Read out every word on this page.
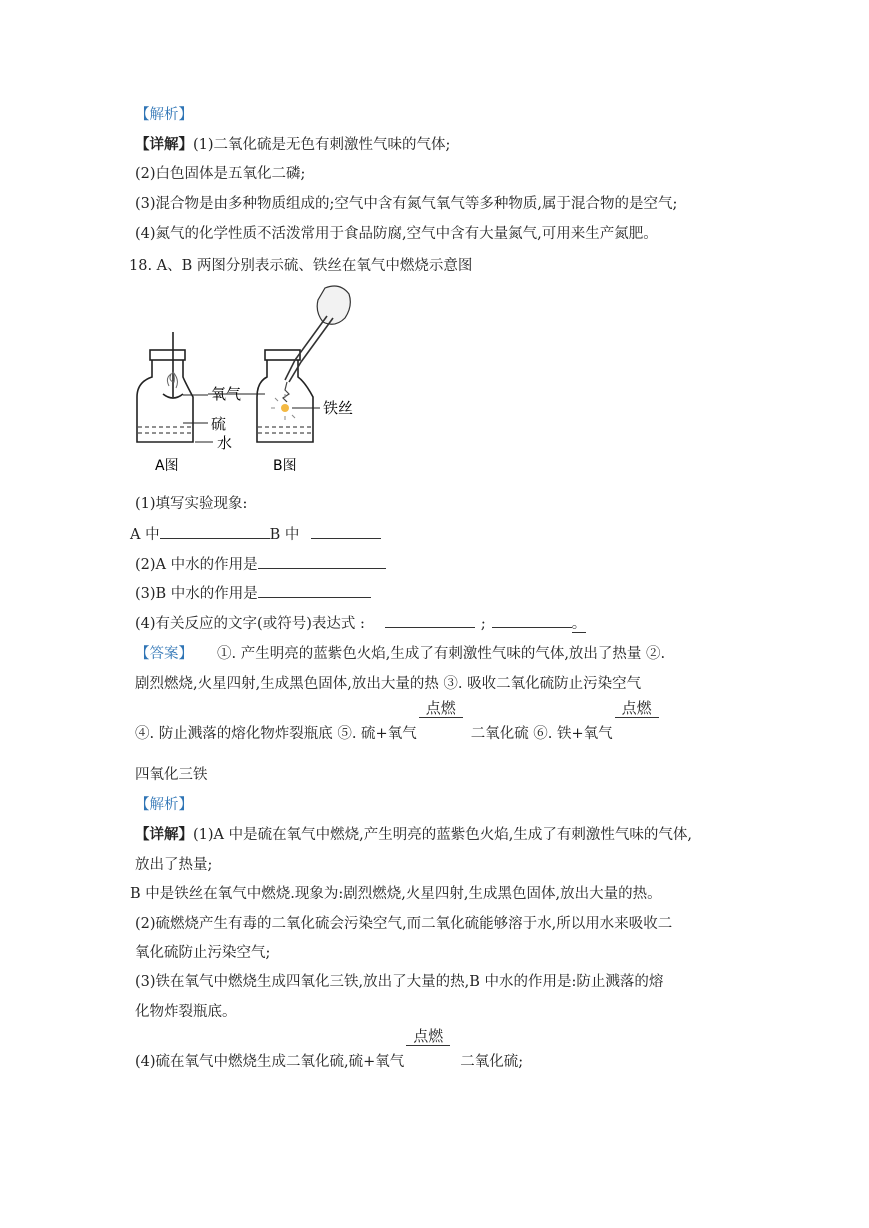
【解析】
【详解】(1)二氧化硫是无色有刺激性气味的气体;
(2)白色固体是五氧化二磷;
(3)混合物是由多种物质组成的;空气中含有氮气氧气等多种物质,属于混合物的是空气;
(4)氮气的化学性质不活泼常用于食品防腐,空气中含有大量氮气,可用来生产氮肥。
18. A、B 两图分别表示硫、铁丝在氧气中燃烧示意图
氧气
硫
水
铁丝
A图	B图
(1)填写实验现象:
A 中	B 中
(2)A 中水的作用是
(3)B 中水的作用是
(4)有关反应的文字(或符号)表达式 :	;	。
【答案】 ①. 产生明亮的蓝紫色火焰,生成了有刺激性气味的气体,放出了热量 ②.
剧烈燃烧,火星四射,生成黑色固体,放出大量的热 ③. 吸收二氧化硫防止污染空气
④. 防止溅落的熔化物炸裂瓶底 ⑤. 硫+氧气
点燃
二氧化硫 ⑥. 铁+氧气
点燃
四氧化三铁
【解析】
【详解】(1)A 中是硫在氧气中燃烧,产生明亮的蓝紫色火焰,生成了有刺激性气味的气体,
放出了热量;
B 中是铁丝在氧气中燃烧.现象为:剧烈燃烧,火星四射,生成黑色固体,放出大量的热。
(2)硫燃烧产生有毒的二氧化硫会污染空气,而二氧化硫能够溶于水,所以用水来吸收二
氧化硫防止污染空气;
(3)铁在氧气中燃烧生成四氧化三铁,放出了大量的热,B 中水的作用是:防止溅落的熔
化物炸裂瓶底。
(4)硫在氧气中燃烧生成二氧化硫,硫+氧气
点燃
二氧化硫;
